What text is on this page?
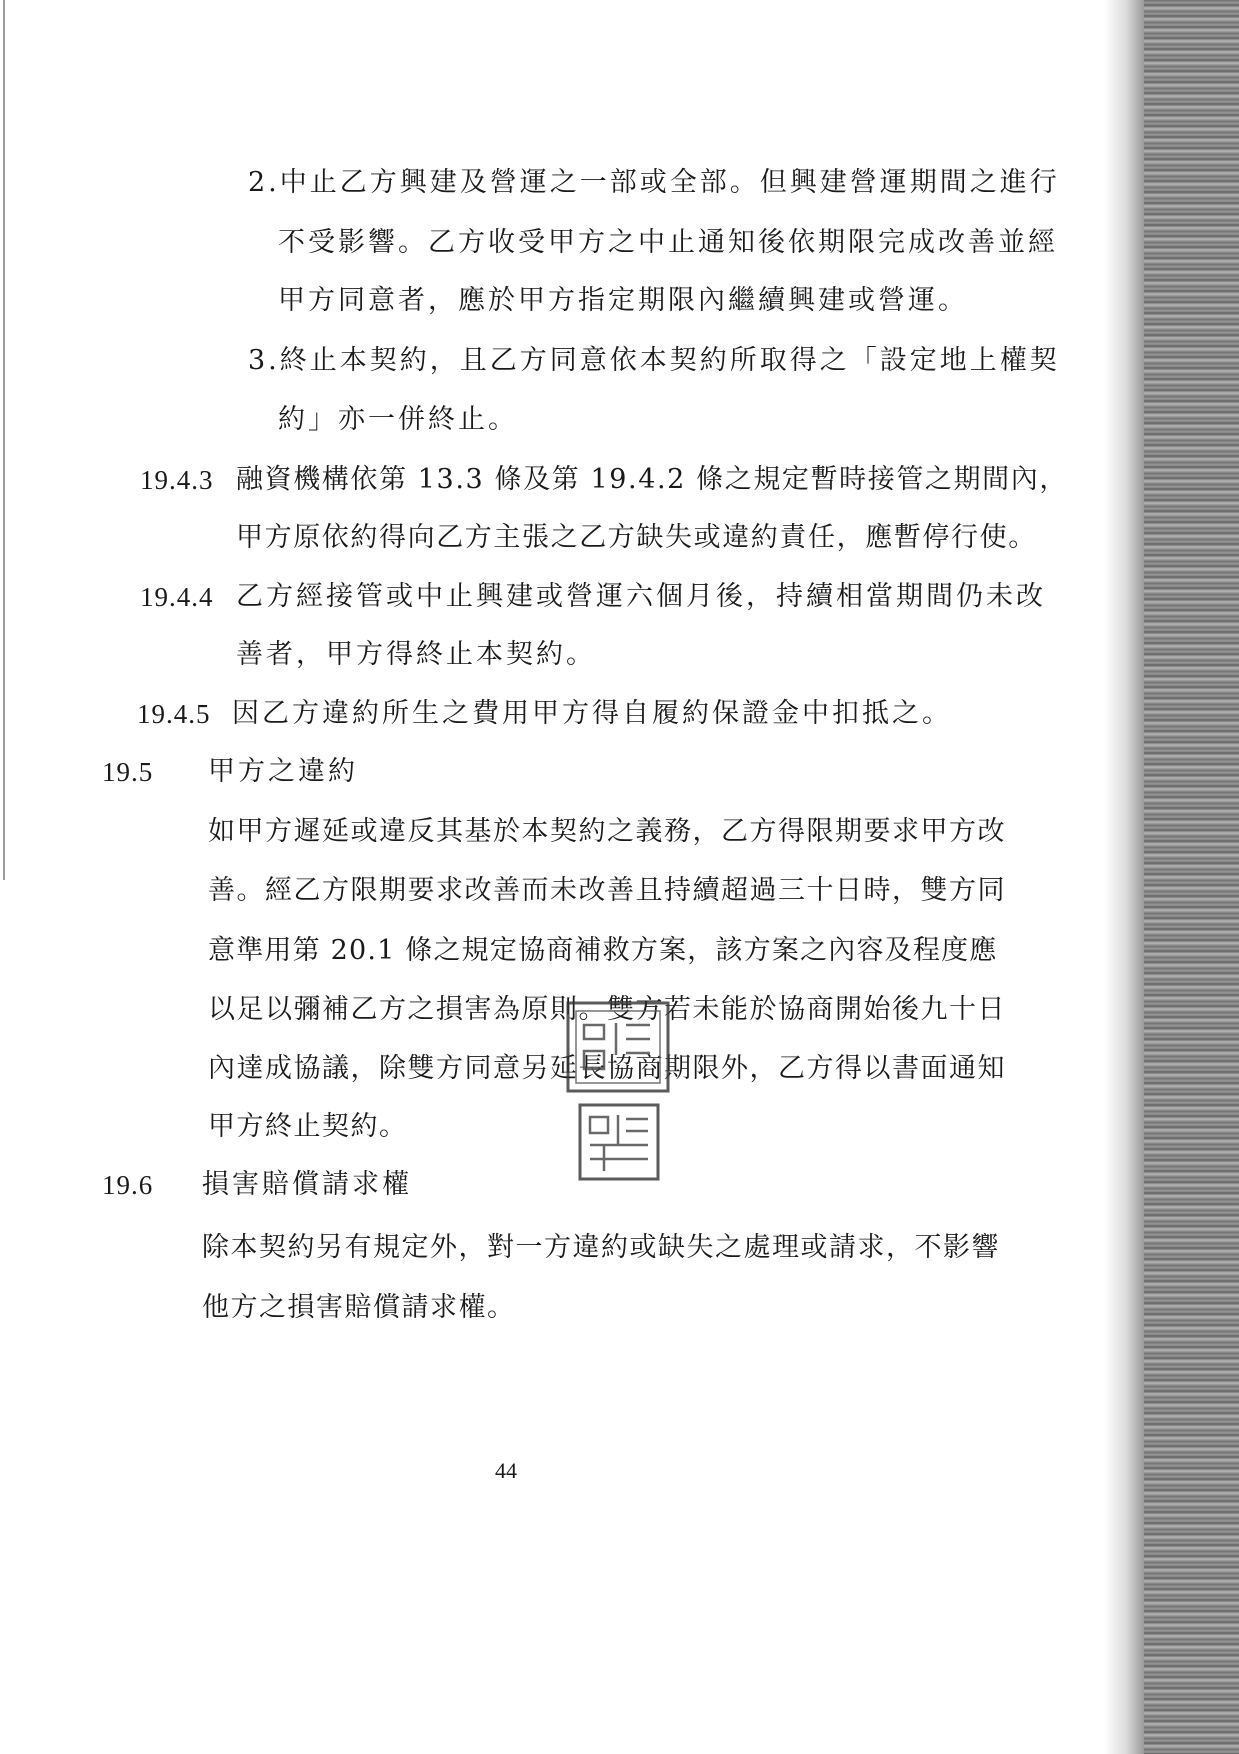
2.中止乙方興建及營運之一部或全部。但興建營運期間之進行
不受影響。乙方收受甲方之中止通知後依期限完成改善並經
甲方同意者，應於甲方指定期限內繼續興建或營運。
3.終止本契約，且乙方同意依本契約所取得之「設定地上權契
約」亦一併終止。
19.4.3 融資機構依第 13.3 條及第 19.4.2 條之規定暫時接管之期間內，
甲方原依約得向乙方主張之乙方缺失或違約責任，應暫停行使。
19.4.4 乙方經接管或中止興建或營運六個月後，持續相當期間仍未改
善者，甲方得終止本契約。
19.4.5 因乙方違約所生之費用甲方得自履約保證金中扣抵之。
19.5 甲方之違約
如甲方遲延或違反其基於本契約之義務，乙方得限期要求甲方改
善。經乙方限期要求改善而未改善且持續超過三十日時，雙方同
意準用第 20.1 條之規定協商補救方案，該方案之內容及程度應
以足以彌補乙方之損害為原則。雙方若未能於協商開始後九十日
內達成協議，除雙方同意另延長協商期限外，乙方得以書面通知
甲方終止契約。
19.6 損害賠償請求權
除本契約另有規定外，對一方違約或缺失之處理或請求，不影響
他方之損害賠償請求權。
44
